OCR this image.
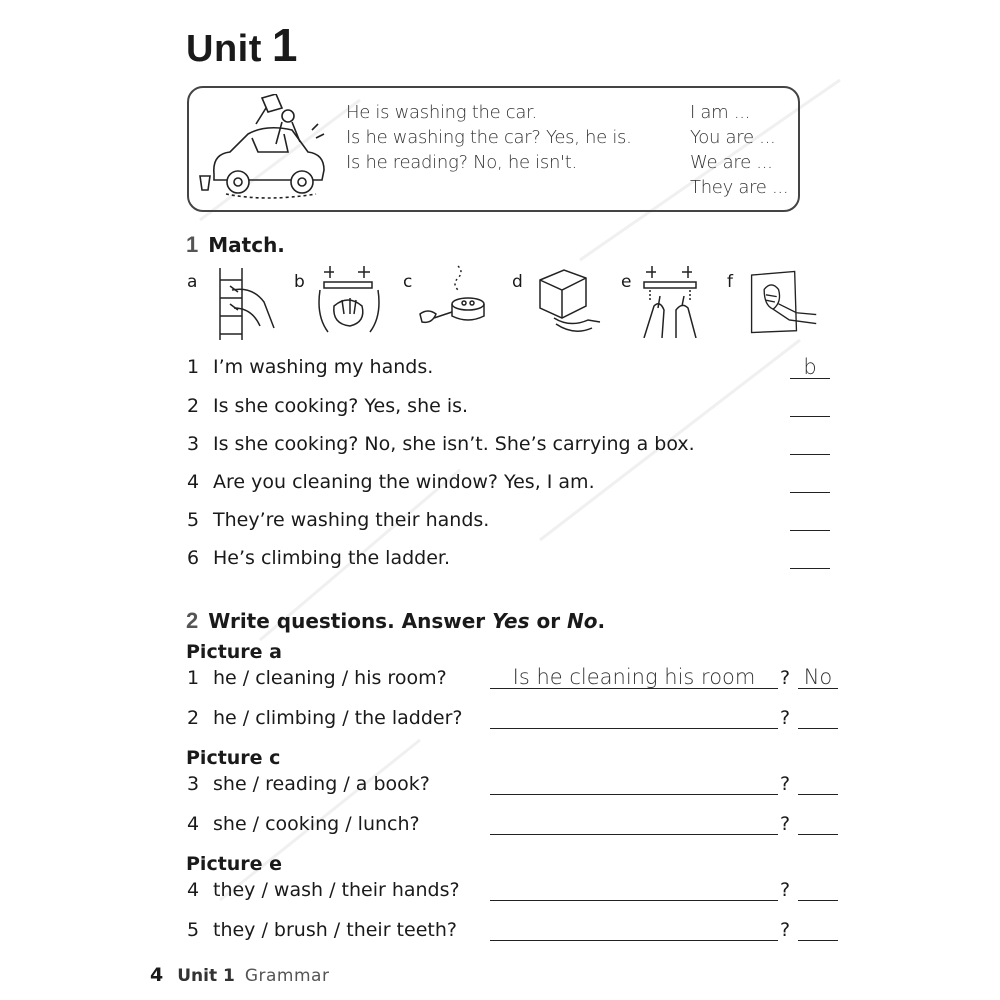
Unit 1
He is washing the car.
Is he washing the car? Yes, he is.
Is he reading? No, he isn't.
I am ...
You are ...
We are ...
They are ...
1 Match.
a	b	c	d	e	f
1 I’m washing my hands.	b
2 Is she cooking? Yes, she is.
3 Is she cooking? No, she isn’t. She’s carrying a box.
4 Are you cleaning the window? Yes, I am.
5 They’re washing their hands.
6 He’s climbing the ladder.
2 Write questions. Answer Yes or No.
Picture a
1 he / cleaning / his room?	Is he cleaning his room	? No
2 he / climbing / the ladder?	?
Picture c
3 she / reading / a book?	?
4 she / cooking / lunch?	?
Picture e
4 they / wash / their hands?	?
5 they / brush / their teeth?	?
4 Unit 1 Grammar
